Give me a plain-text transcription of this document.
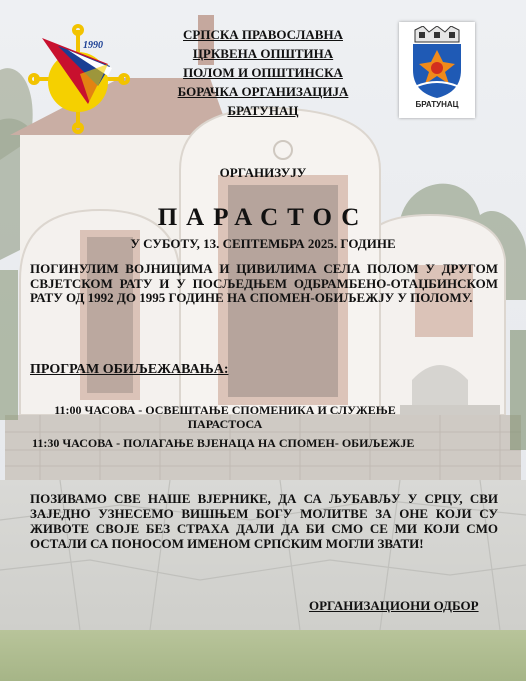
1990
БРАТУНАЦ
СРПСКА ПРАВОСЛАВНА
ЦРКВЕНА ОПШТИНА
ПОЛОМ И ОПШТИНСКА
БОРАЧКА ОРГАНИЗАЦИЈА
БРАТУНАЦ
ОРГАНИЗУЈУ
ПАРАСТОС
У СУБОТУ, 13. СЕПТЕМБРА 2025. ГОДИНЕ
ПОГИНУЛИМ ВОЈНИЦИМА И ЦИВИЛИМА СЕЛА ПОЛОМ У ДРУГОМ СВЈЕТСКОМ РАТУ И У ПОСЉЕДЊЕМ ОДБРАМБЕНО-ОТАЏБИНСКОМ РАТУ ОД 1992 ДО 1995 ГОДИНЕ НА СПОМЕН-ОБИЉЕЖЈУ У ПОЛОМУ.
ПРОГРАМ ОБИЉЕЖАВАЊА:
11:00 ЧАСОВА - ОСВЕШТАЊЕ СПОМЕНИКА И СЛУЖЕЊЕ
ПАРАСТОСА
11:30 ЧАСОВА - ПОЛАГАЊЕ ВЈЕНАЦА НА СПОМЕН- ОБИЉЕЖЈЕ
ПОЗИВАМО СВЕ НАШЕ ВЈЕРНИКЕ, ДА СА ЉУБАВЉУ У СРЦУ, СВИ ЗАЈЕДНО УЗНЕСЕМО ВИШЊЕМ БОГУ МОЛИТВЕ ЗА ОНЕ КОЈИ СУ ЖИВОТЕ СВОЈЕ БЕЗ СТРАХА ДАЛИ ДА БИ СМО СЕ МИ КОЈИ СМО ОСТАЛИ СА ПОНОСОМ ИМЕНОМ СРПСКИМ МОГЛИ ЗВАТИ!
ОРГАНИЗАЦИОНИ ОДБОР
